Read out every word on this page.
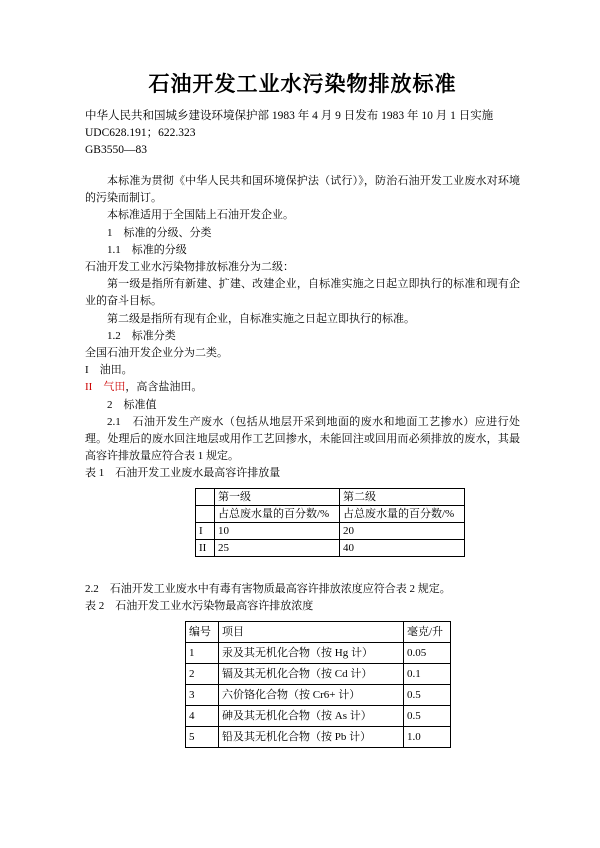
石油开发工业水污染物排放标准
中华人民共和国城乡建设环境保护部 1983 年 4 月 9 日发布 1983 年 10 月 1 日实施
UDC628.191；622.323
GB3550—83

本标准为贯彻《中华人民共和国环境保护法（试行）》，防治石油开发工业废水对环境的污染而制订。

本标准适用于全国陆上石油开发企业。

1　标准的分级、分类

1.1　标准的分级

石油开发工业水污染物排放标准分为二级：

第一级是指所有新建、扩建、改建企业，自标准实施之日起立即执行的标准和现有企业的奋斗目标。

第二级是指所有现有企业，自标准实施之日起立即执行的标准。

1.2　标准分类

全国石油开发企业分为二类。

I　油田。

II　气田，高含盐油田。

2　标准值

2.1　石油开发生产废水（包括从地层开采到地面的废水和地面工艺掺水）应进行处理。处理后的废水回注地层或用作工艺回掺水，未能回注或回用而必须排放的废水，其最高容许排放量应符合表 1 规定。

表 1　石油开发工业废水最高容许排放量

	第一级	第二级
	占总废水量的百分数/%	占总废水量的百分数/%
I	10	20
II	25	40

2.2　石油开发工业废水中有毒有害物质最高容许排放浓度应符合表 2 规定。

表 2　石油开发工业水污染物最高容许排放浓度

编号	项目	毫克/升
1	汞及其无机化合物（按 Hg 计）	0.05
2	镉及其无机化合物（按 Cd 计）	0.1
3	六价铬化合物（按 Cr6+ 计）	0.5
4	砷及其无机化合物（按 As 计）	0.5
5	铅及其无机化合物（按 Pb 计）	1.0
